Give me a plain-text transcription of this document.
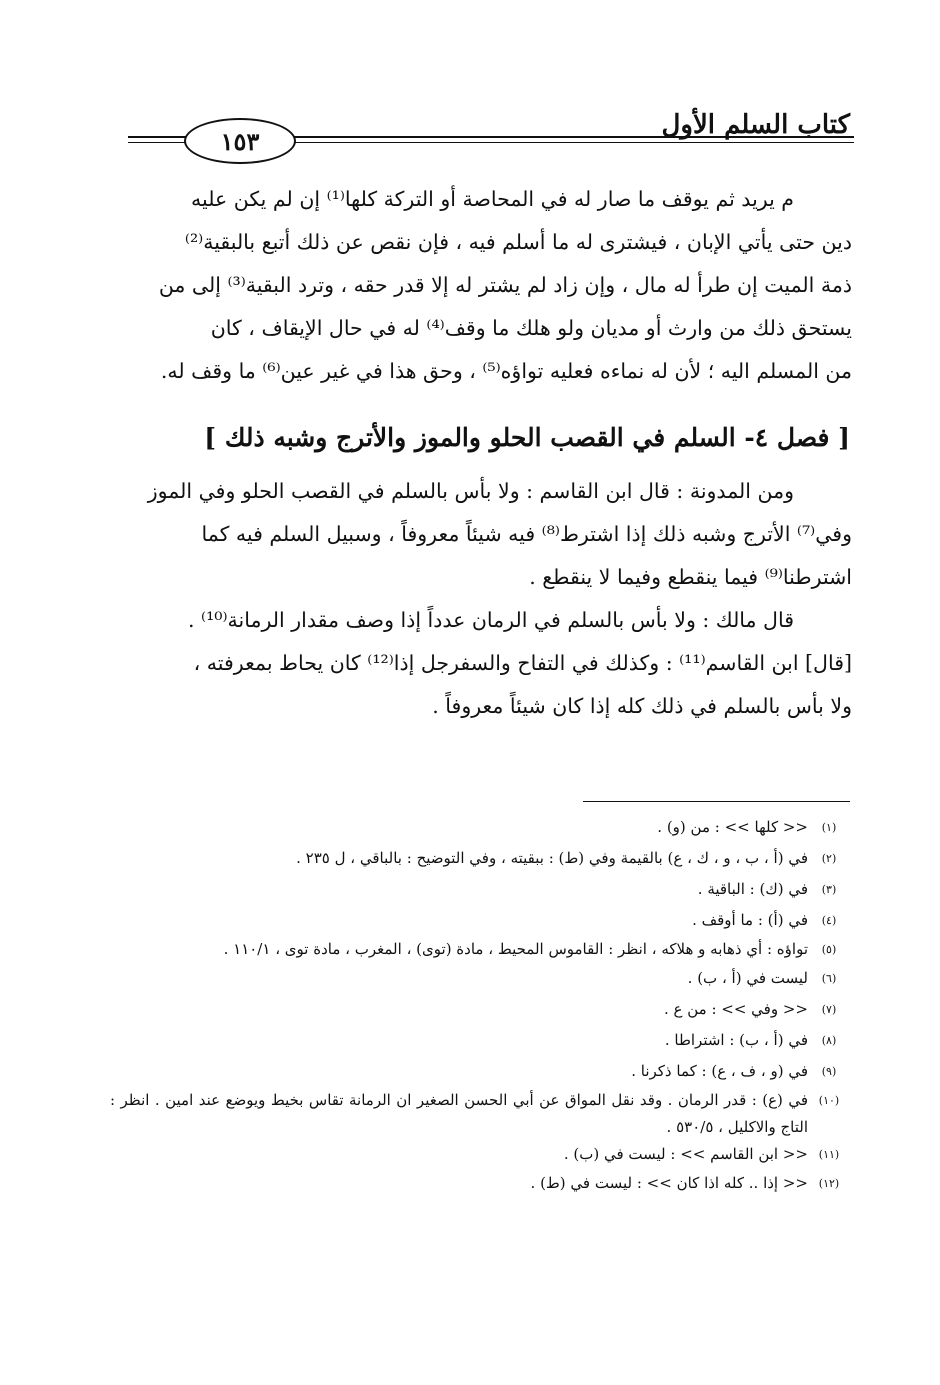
كتاب السلم الأول
١٥٣

م يريد ثم يوقف ما صار له في المحاصة أو التركة كلها⁽¹⁾ إن لم يكن عليه

دين حتى يأتي الإبان ، فيشترى له ما أسلم فيه ، فإن نقص عن ذلك أتبع بالبقية⁽²⁾

ذمة الميت إن طرأ له مال ، وإن زاد لم يشتر له إلا قدر حقه ، وترد البقية⁽³⁾ إلى من

يستحق ذلك من وارث أو مديان ولو هلك ما وقف⁽⁴⁾ له في حال الإيقاف ، كان

من المسلم اليه ؛ لأن له نماءه فعليه تواؤه⁽⁵⁾ ، وحق هذا في غير عين⁽⁶⁾ ما وقف له.

[ فصل ٤- السلم في القصب الحلو والموز والأترج وشبه ذلك ]

ومن المدونة : قال ابن القاسم : ولا بأس بالسلم في القصب الحلو وفي الموز

وفي⁽⁷⁾ الأترج وشبه ذلك إذا اشترط⁽⁸⁾ فيه شيئاً معروفاً ، وسبيل السلم فيه كما

اشترطنا⁽⁹⁾ فيما ينقطع وفيما لا ينقطع .

قال مالك : ولا بأس بالسلم في الرمان عدداً إذا وصف مقدار الرمانة⁽¹⁰⁾ .

[قال] ابن القاسم⁽¹¹⁾ : وكذلك في التفاح والسفرجل إذا⁽¹²⁾ كان يحاط بمعرفته ،

ولا بأس بالسلم في ذلك كله إذا كان شيئاً معروفاً .

(١)
<< كلها >> : من (و) .
(٢)
في (أ ، ب ، و ، ك ، ع) بالقيمة وفي (ط) : ببقيته ، وفي التوضيح : بالباقي ، ل ٢٣٥ .
(٣)
في (ك) : الباقية .
(٤)
في (أ) : ما أوقف .
(٥)
تواؤه : أي ذهابه و هلاكه ، انظر : القاموس المحيط ، مادة (توى) ، المغرب ، مادة توى ، ١١٠/١ .
(٦)
ليست في (أ ، ب) .
(٧)
<< وفي >> : من ع .
(٨)
في (أ ، ب) : اشتراطا .
(٩)
في (و ، ف ، ع) : كما ذكرنا .
(١٠)
في (ع) : قدر الرمان . وقد نقل المواق عن أبي الحسن الصغير ان الرمانة تقاس بخيط ويوضع عند امين . انظر : التاج والاكليل ، ٥٣٠/٥ .
(١١)
<< ابن القاسم >> : ليست في (ب) .
(١٢)
<< إذا .. كله اذا كان >> : ليست في (ط) .
